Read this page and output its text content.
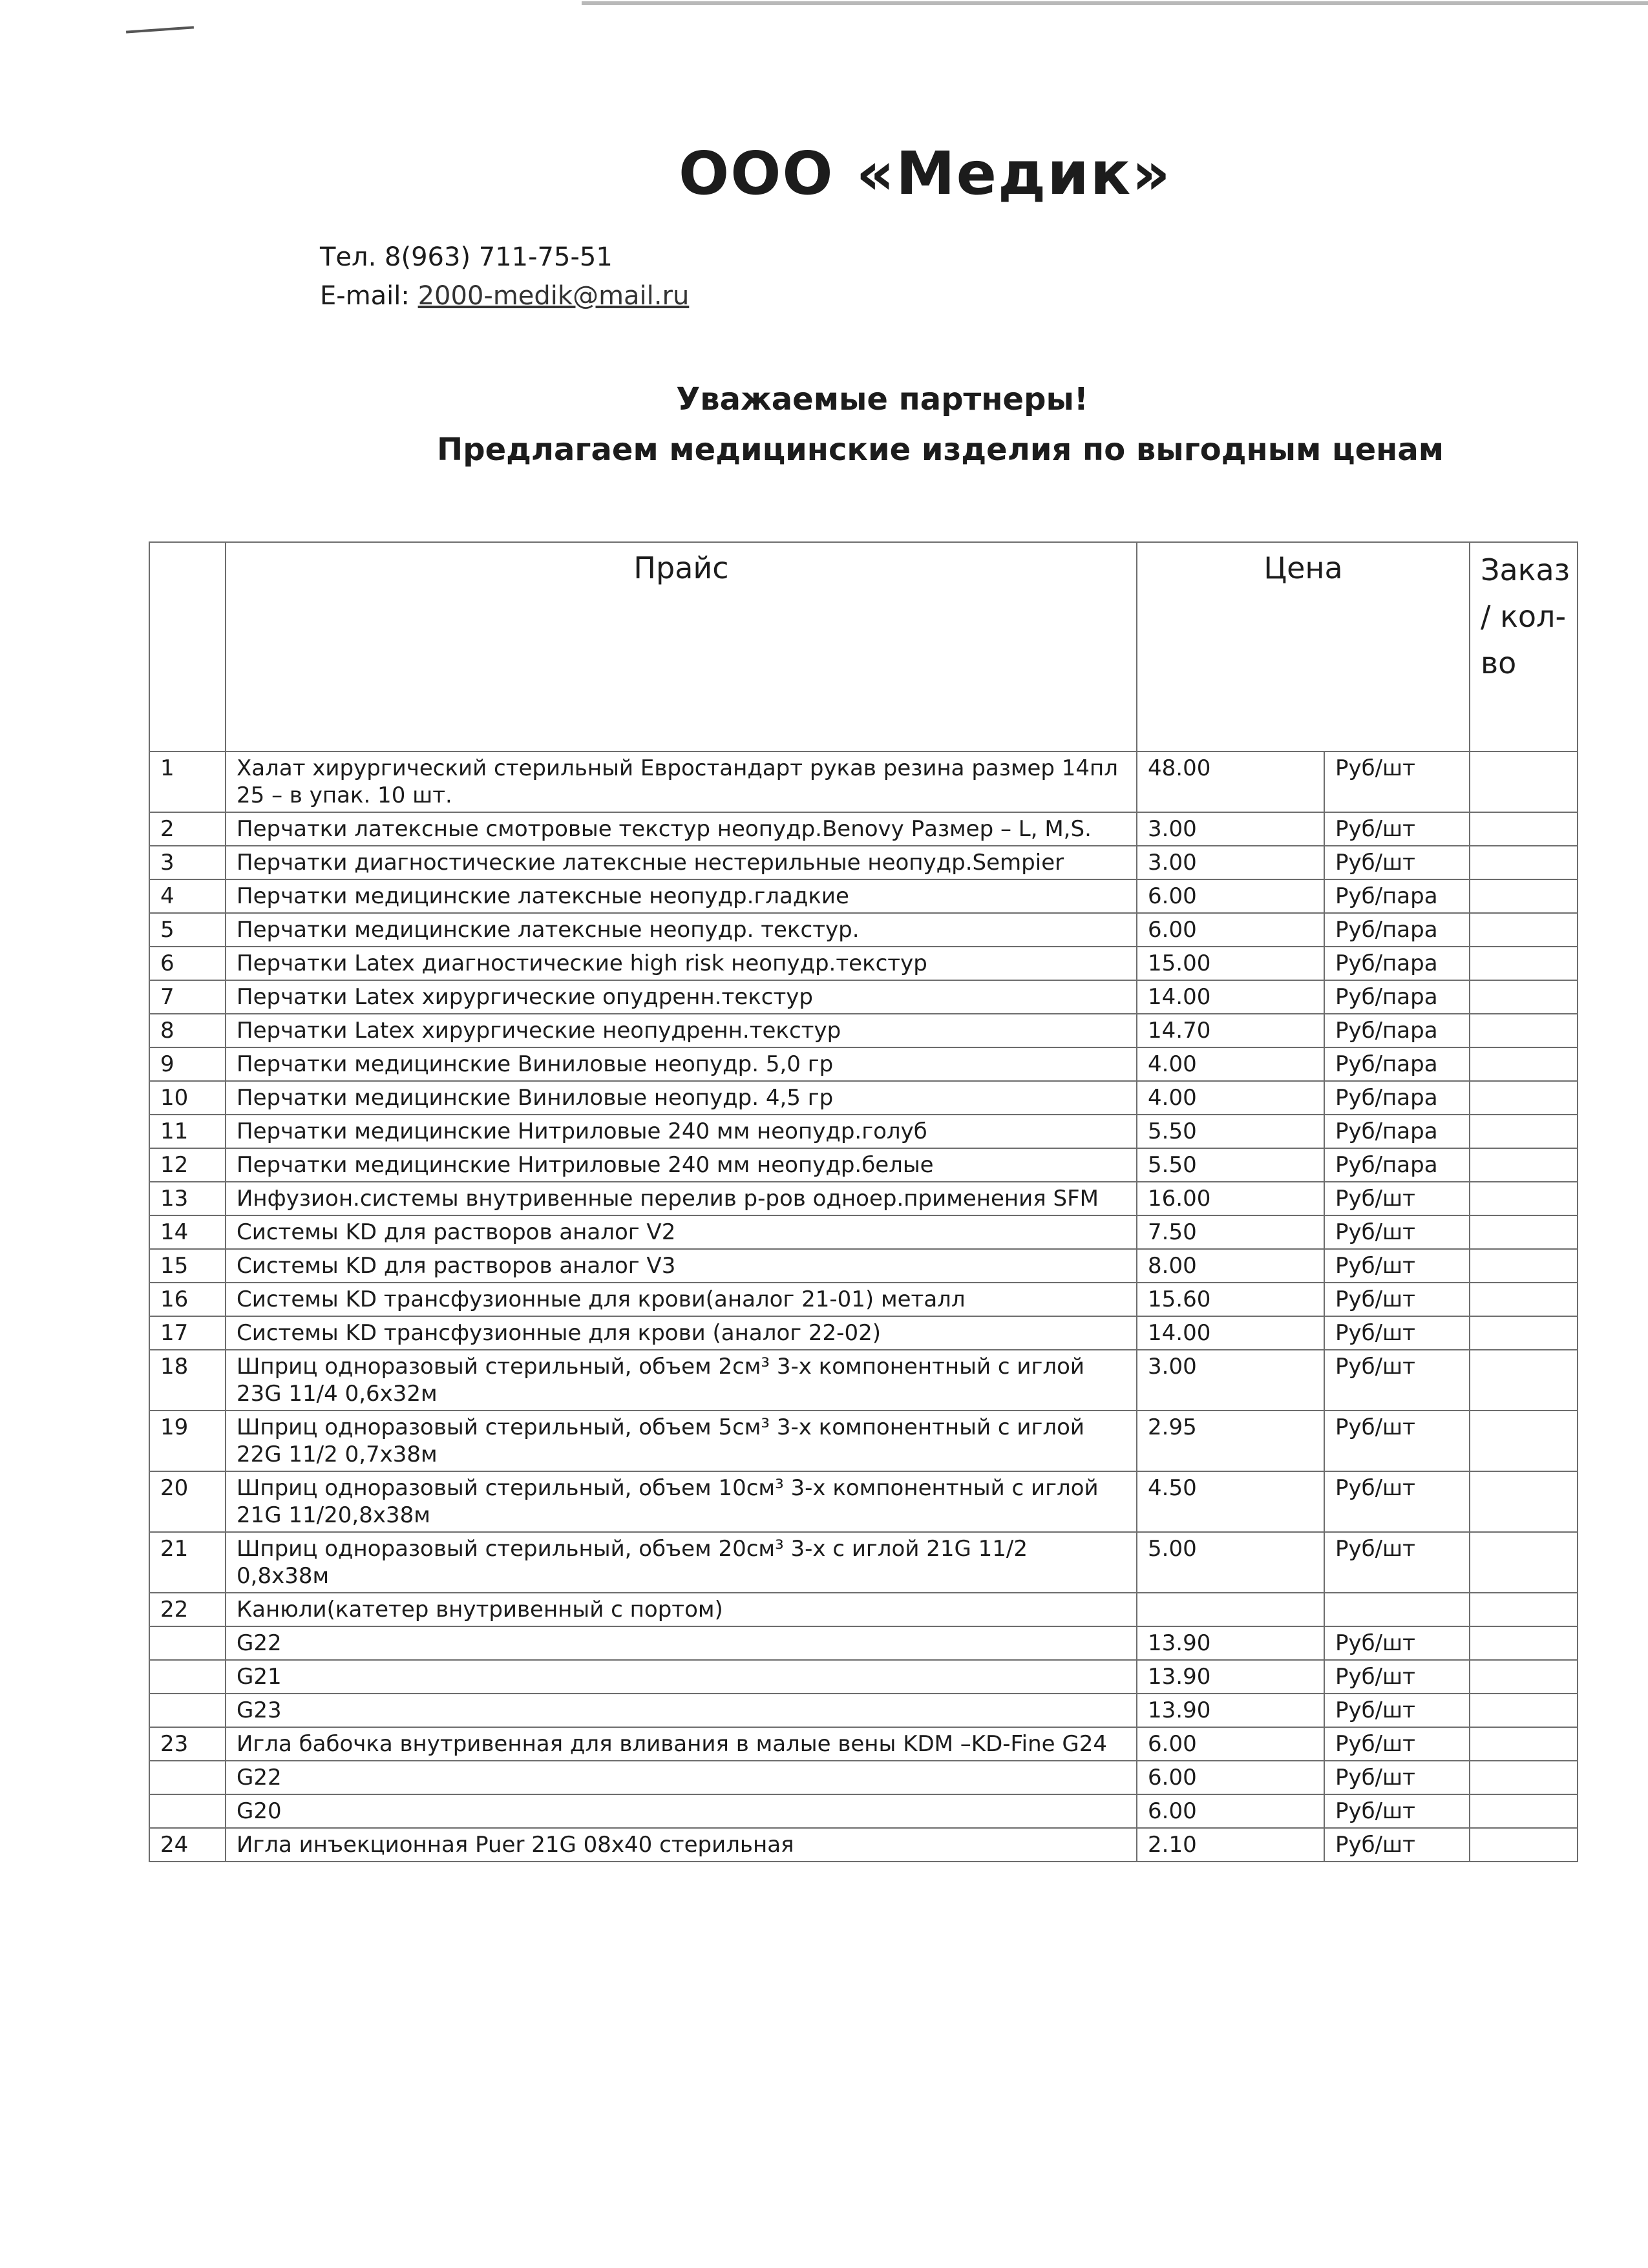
ООО «Медик»
Тел. 8(963) 711-75-51
E-mail: 2000-medik@mail.ru
Уважаемые партнеры!
Предлагаем медицинские изделия по выгодным ценам
	Прайс	Цена		Заказ / кол-во
1	Халат хирургический стерильный Евростандарт рукав резина размер 14пл 25 – в упак. 10 шт.	48.00	Руб/шт	
2	Перчатки латексные смотровые текстур неопудр.Benovy Размер – L, M,S.	3.00	Руб/шт	
3	Перчатки диагностические латексные нестерильные неопудр.Sempier	3.00	Руб/шт	
4	Перчатки медицинские латексные неопудр.гладкие	6.00	Руб/пара	
5	Перчатки медицинские латексные неопудр. текстур.	6.00	Руб/пара	
6	Перчатки Latex диагностические high risk неопудр.текстур	15.00	Руб/пара	
7	Перчатки Latex хирургические опудренн.текстур	14.00	Руб/пара	
8	Перчатки Latex хирургические неопудренн.текстур	14.70	Руб/пара	
9	Перчатки медицинские Виниловые неопудр. 5,0 гр	4.00	Руб/пара	
10	Перчатки медицинские Виниловые неопудр. 4,5 гр	4.00	Руб/пара	
11	Перчатки медицинские Нитриловые 240 мм неопудр.голуб	5.50	Руб/пара	
12	Перчатки медицинские Нитриловые 240 мм неопудр.белые	5.50	Руб/пара	
13	Инфузион.системы внутривенные перелив р-ров одноер.применения SFM	16.00	Руб/шт	
14	Системы KD для растворов аналог V2	7.50	Руб/шт	
15	Системы KD для растворов аналог V3	8.00	Руб/шт	
16	Системы KD трансфузионные для крови(аналог 21-01) металл	15.60	Руб/шт	
17	Системы KD трансфузионные для крови (аналог 22-02)	14.00	Руб/шт	
18	Шприц одноразовый стерильный, объем 2см³ 3-х компонентный с иглой 23G 11/4 0,6х32м	3.00	Руб/шт	
19	Шприц одноразовый стерильный, объем 5см³ 3-х компонентный с иглой 22G 11/2 0,7х38м	2.95	Руб/шт	
20	Шприц одноразовый стерильный, объем 10см³ 3-х компонентный с иглой 21G 11/20,8х38м	4.50	Руб/шт	
21	Шприц одноразовый стерильный, объем 20см³ 3-х с иглой 21G 11/2 0,8х38м	5.00	Руб/шт	
22	Канюли(катетер внутривенный с портом)			
	G22	13.90	Руб/шт	
	G21	13.90	Руб/шт	
	G23	13.90	Руб/шт	
23	Игла бабочка внутривенная для вливания в малые вены KDM –KD-Fine G24	6.00	Руб/шт	
	G22	6.00	Руб/шт	
	G20	6.00	Руб/шт	
24	Игла инъекционная Puer 21G 08х40 стерильная	2.10	Руб/шт	
